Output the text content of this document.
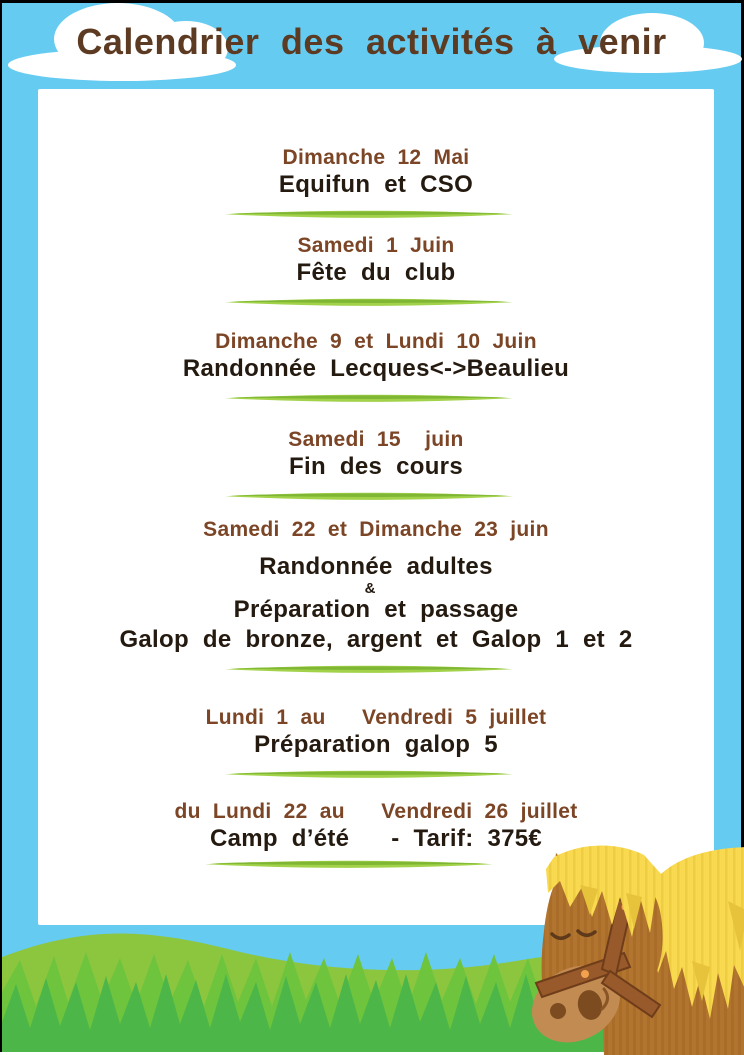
Calendrier des activités à venir
Dimanche 12 Mai
Equifun et CSO
Samedi 1 Juin
Fête du club
Dimanche 9 et Lundi 10 Juin
Randonnée Lecques<->Beaulieu
Samedi 15  juin
Fin des cours
Samedi 22 et Dimanche 23 juin
Randonnée adultes
&
Préparation et passage
Galop de bronze, argent et Galop 1 et 2
Lundi 1 au   Vendredi 5 juillet
Préparation galop 5
du Lundi 22 au   Vendredi 26 juillet
Camp d’été   - Tarif: 375€
